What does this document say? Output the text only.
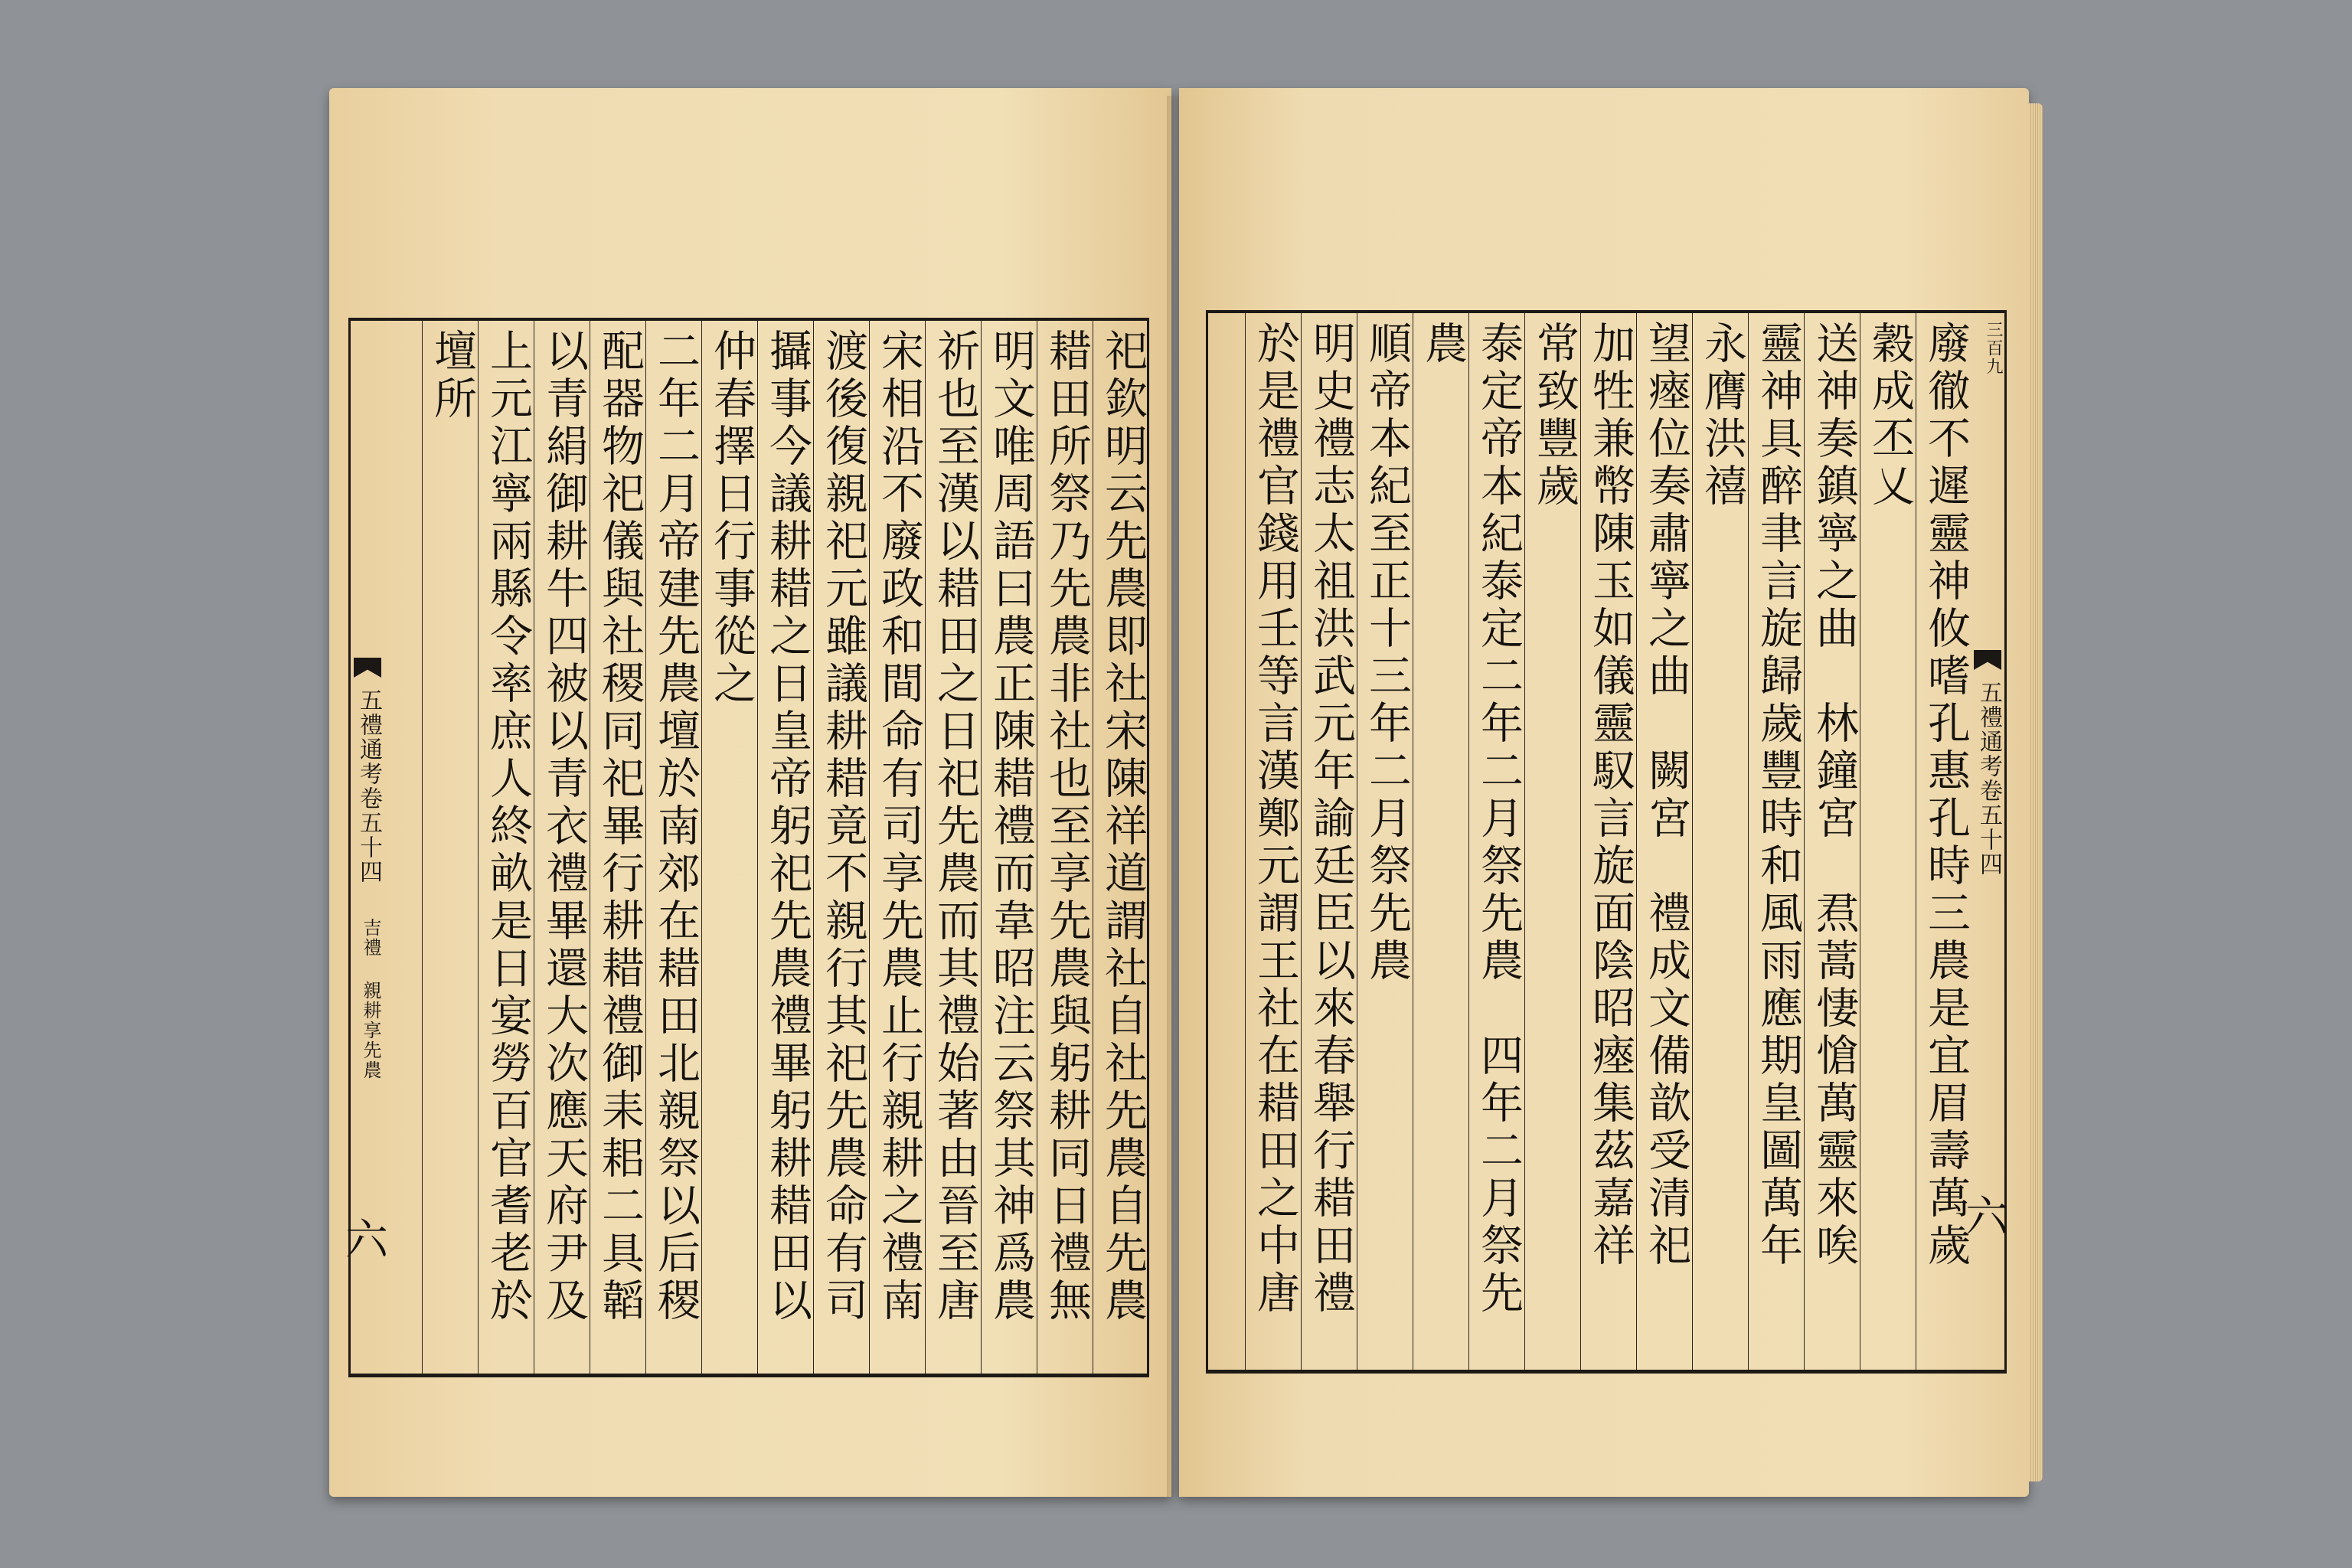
五禮通考卷五十四
吉禮 親耕享先農
六	祀欽明云先農即社宋陳祥道謂社自社先農自先農
耤田所祭乃先農非社也至享先農與躬耕同日禮無
明文唯周語曰農正陳耤禮而韋昭注云祭其神爲農
祈也至漢以耤田之日祀先農而其禮始著由晉至唐
宋相沿不廢政和間命有司享先農止行親耕之禮南
渡後復親祀元雖議耕耤竟不親行其祀先農命有司
攝事今議耕耤之日皇帝躬祀先農禮畢躬耕耤田以
仲春擇日行事從之
二年二月帝建先農壇於南郊在耤田北親祭以后稷
配器物祀儀與社稷同祀畢行耕耤禮御耒耜二具韜
以青絹御耕牛四被以青衣禮畢還大次應天府尹及
上元江寧兩縣令率庶人終畝是日宴勞百官耆老於
壇所	三百九
五禮通考卷五十四
六
廢徹不遲靈神攸嗜孔惠孔時三農是宜眉壽萬歲
穀成丕乂
送神奏鎮寧之曲　林鐘宮　焄蒿悽愴萬靈來唉
靈神具醉聿言旋歸歲豐時和風雨應期皇圖萬年
永膺洪禧
望瘞位奏肅寧之曲　闕宮　禮成文備歆受清祀
加牲兼幣陳玉如儀靈馭言旋面陰昭瘞集茲嘉祥
常致豐歲
泰定帝本紀泰定二年二月祭先農　四年二月祭先
農
順帝本紀至正十三年二月祭先農
明史禮志太祖洪武元年諭廷臣以來春舉行耤田禮
於是禮官錢用壬等言漢鄭元謂王社在耤田之中唐
